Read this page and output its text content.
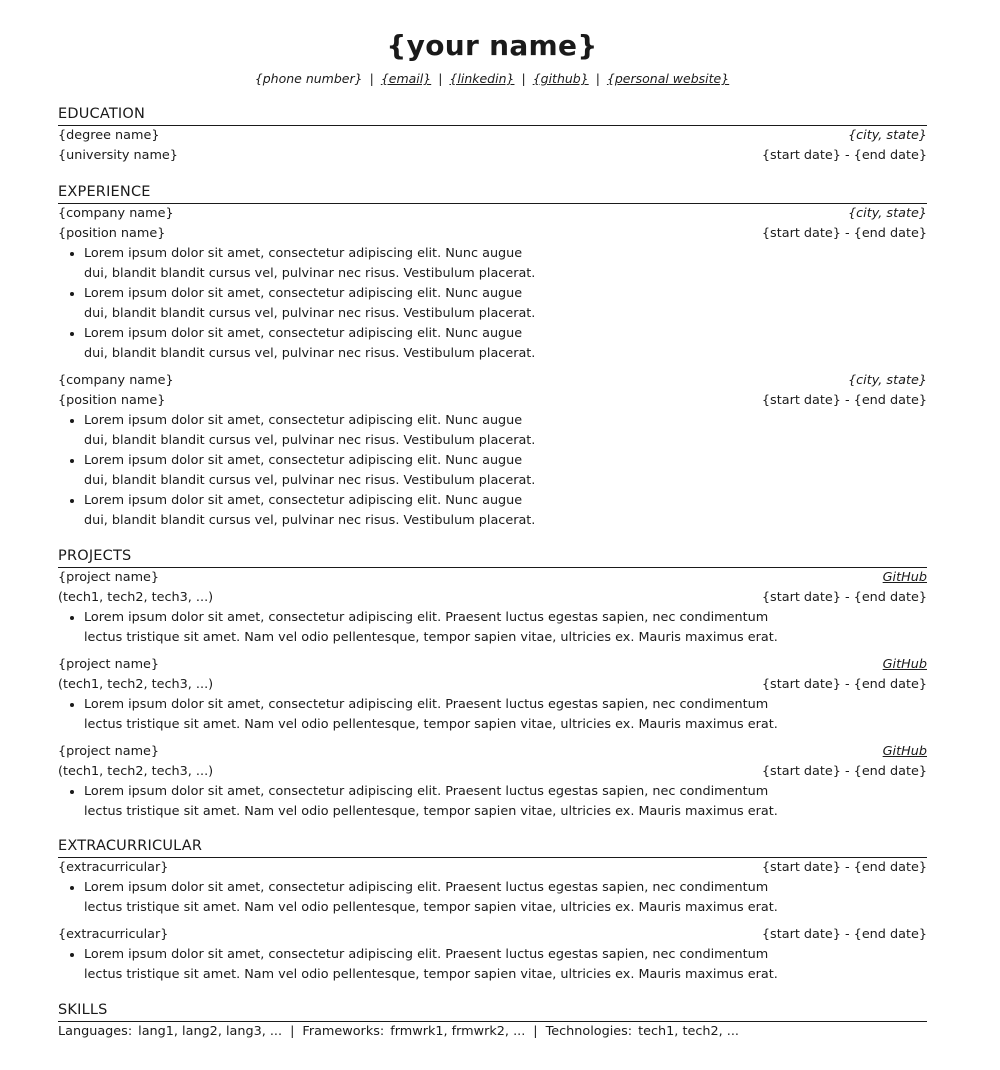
{your name}
{phone number} | {email} | {linkedin} | {github} | {personal website}
EDUCATION
{degree name}	{city, state}
{university name}	{start date} - {end date}
EXPERIENCE
{company name}	{city, state}
{position name}	{start date} - {end date}
• Lorem ipsum dolor sit amet, consectetur adipiscing elit. Nunc augue dui, blandit blandit cursus vel, pulvinar nec risus. Vestibulum placerat.
• Lorem ipsum dolor sit amet, consectetur adipiscing elit. Nunc augue dui, blandit blandit cursus vel, pulvinar nec risus. Vestibulum placerat.
• Lorem ipsum dolor sit amet, consectetur adipiscing elit. Nunc augue dui, blandit blandit cursus vel, pulvinar nec risus. Vestibulum placerat.
{company name}	{city, state}
{position name}	{start date} - {end date}
• Lorem ipsum dolor sit amet, consectetur adipiscing elit. Nunc augue dui, blandit blandit cursus vel, pulvinar nec risus. Vestibulum placerat.
• Lorem ipsum dolor sit amet, consectetur adipiscing elit. Nunc augue dui, blandit blandit cursus vel, pulvinar nec risus. Vestibulum placerat.
• Lorem ipsum dolor sit amet, consectetur adipiscing elit. Nunc augue dui, blandit blandit cursus vel, pulvinar nec risus. Vestibulum placerat.
PROJECTS
{project name}	GitHub
(tech1, tech2, tech3, ...)	{start date} - {end date}
• Lorem ipsum dolor sit amet, consectetur adipiscing elit. Praesent luctus egestas sapien, nec condimentum lectus tristique sit amet. Nam vel odio pellentesque, tempor sapien vitae, ultricies ex. Mauris maximus erat.
{project name}	GitHub
(tech1, tech2, tech3, ...)	{start date} - {end date}
• Lorem ipsum dolor sit amet, consectetur adipiscing elit. Praesent luctus egestas sapien, nec condimentum lectus tristique sit amet. Nam vel odio pellentesque, tempor sapien vitae, ultricies ex. Mauris maximus erat.
{project name}	GitHub
(tech1, tech2, tech3, ...)	{start date} - {end date}
• Lorem ipsum dolor sit amet, consectetur adipiscing elit. Praesent luctus egestas sapien, nec condimentum lectus tristique sit amet. Nam vel odio pellentesque, tempor sapien vitae, ultricies ex. Mauris maximus erat.
EXTRACURRICULAR
{extracurricular}	{start date} - {end date}
• Lorem ipsum dolor sit amet, consectetur adipiscing elit. Praesent luctus egestas sapien, nec condimentum lectus tristique sit amet. Nam vel odio pellentesque, tempor sapien vitae, ultricies ex. Mauris maximus erat.
{extracurricular}	{start date} - {end date}
• Lorem ipsum dolor sit amet, consectetur adipiscing elit. Praesent luctus egestas sapien, nec condimentum lectus tristique sit amet. Nam vel odio pellentesque, tempor sapien vitae, ultricies ex. Mauris maximus erat.
SKILLS
Languages: lang1, lang2, lang3, ... | Frameworks: frmwrk1, frmwrk2, ... | Technologies: tech1, tech2, ...
